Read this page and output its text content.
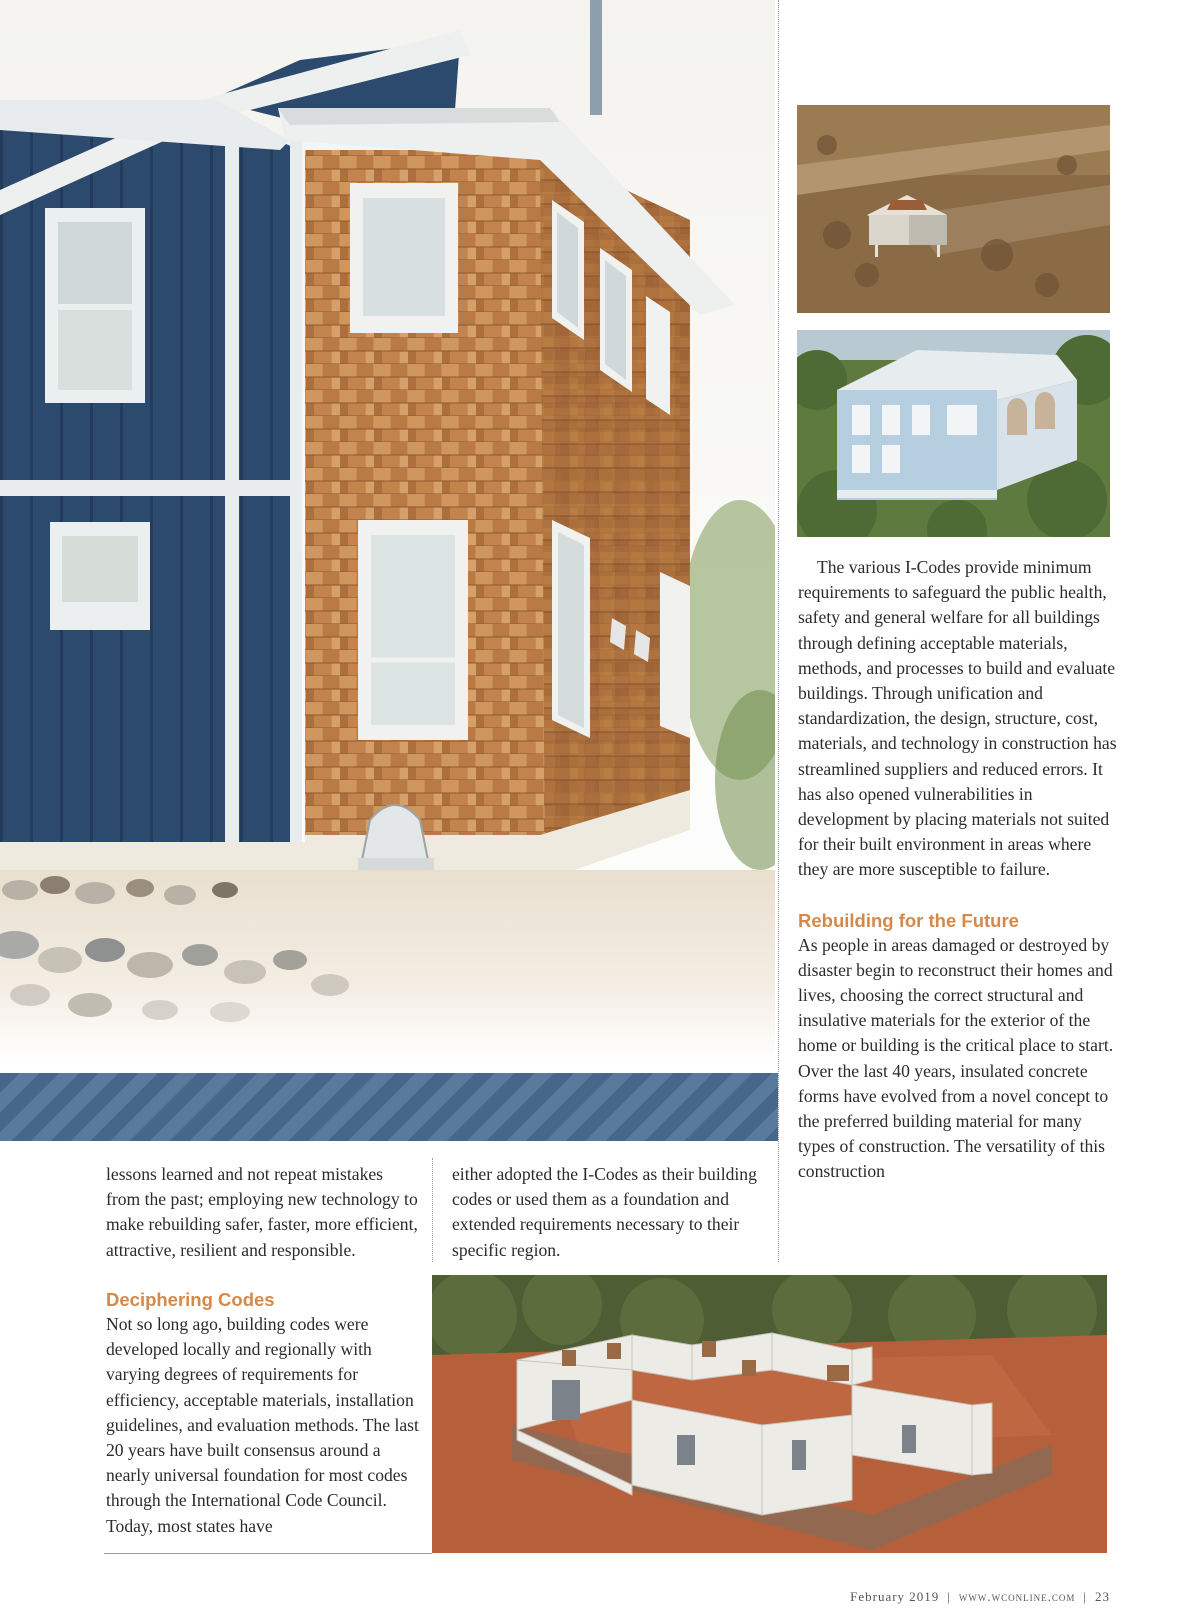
The various I-Codes provide minimum requirements to safeguard the public health, safety and general welfare for all buildings through defining acceptable materials, methods, and processes to build and evaluate buildings. Through unification and standardization, the design, structure, cost, materials, and technology in construction has streamlined suppliers and reduced errors. It has also opened vulnerabilities in development by placing materials not suited for their built environment in areas where they are more susceptible to failure.

Rebuilding for the Future

As people in areas damaged or destroyed by disaster begin to reconstruct their homes and lives, choosing the correct structural and insulative materials for the exterior of the home or building is the critical place to start. Over the last 40 years, insulated concrete forms have evolved from a novel concept to the preferred building material for many types of construction. The versatility of this construction

lessons learned and not repeat mistakes from the past; employing new technology to make rebuilding safer, faster, more efficient, attractive, resilient and responsible.

either adopted the I-Codes as their building codes or used them as a foundation and extended requirements necessary to their specific region.

Deciphering Codes

Not so long ago, building codes were developed locally and regionally with varying degrees of requirements for efficiency, acceptable materials, installation guidelines, and evaluation methods. The last 20 years have built consensus around a nearly universal foundation for most codes through the International Code Council. Today, most states have

February 2019 | www.wconline.com | 23
